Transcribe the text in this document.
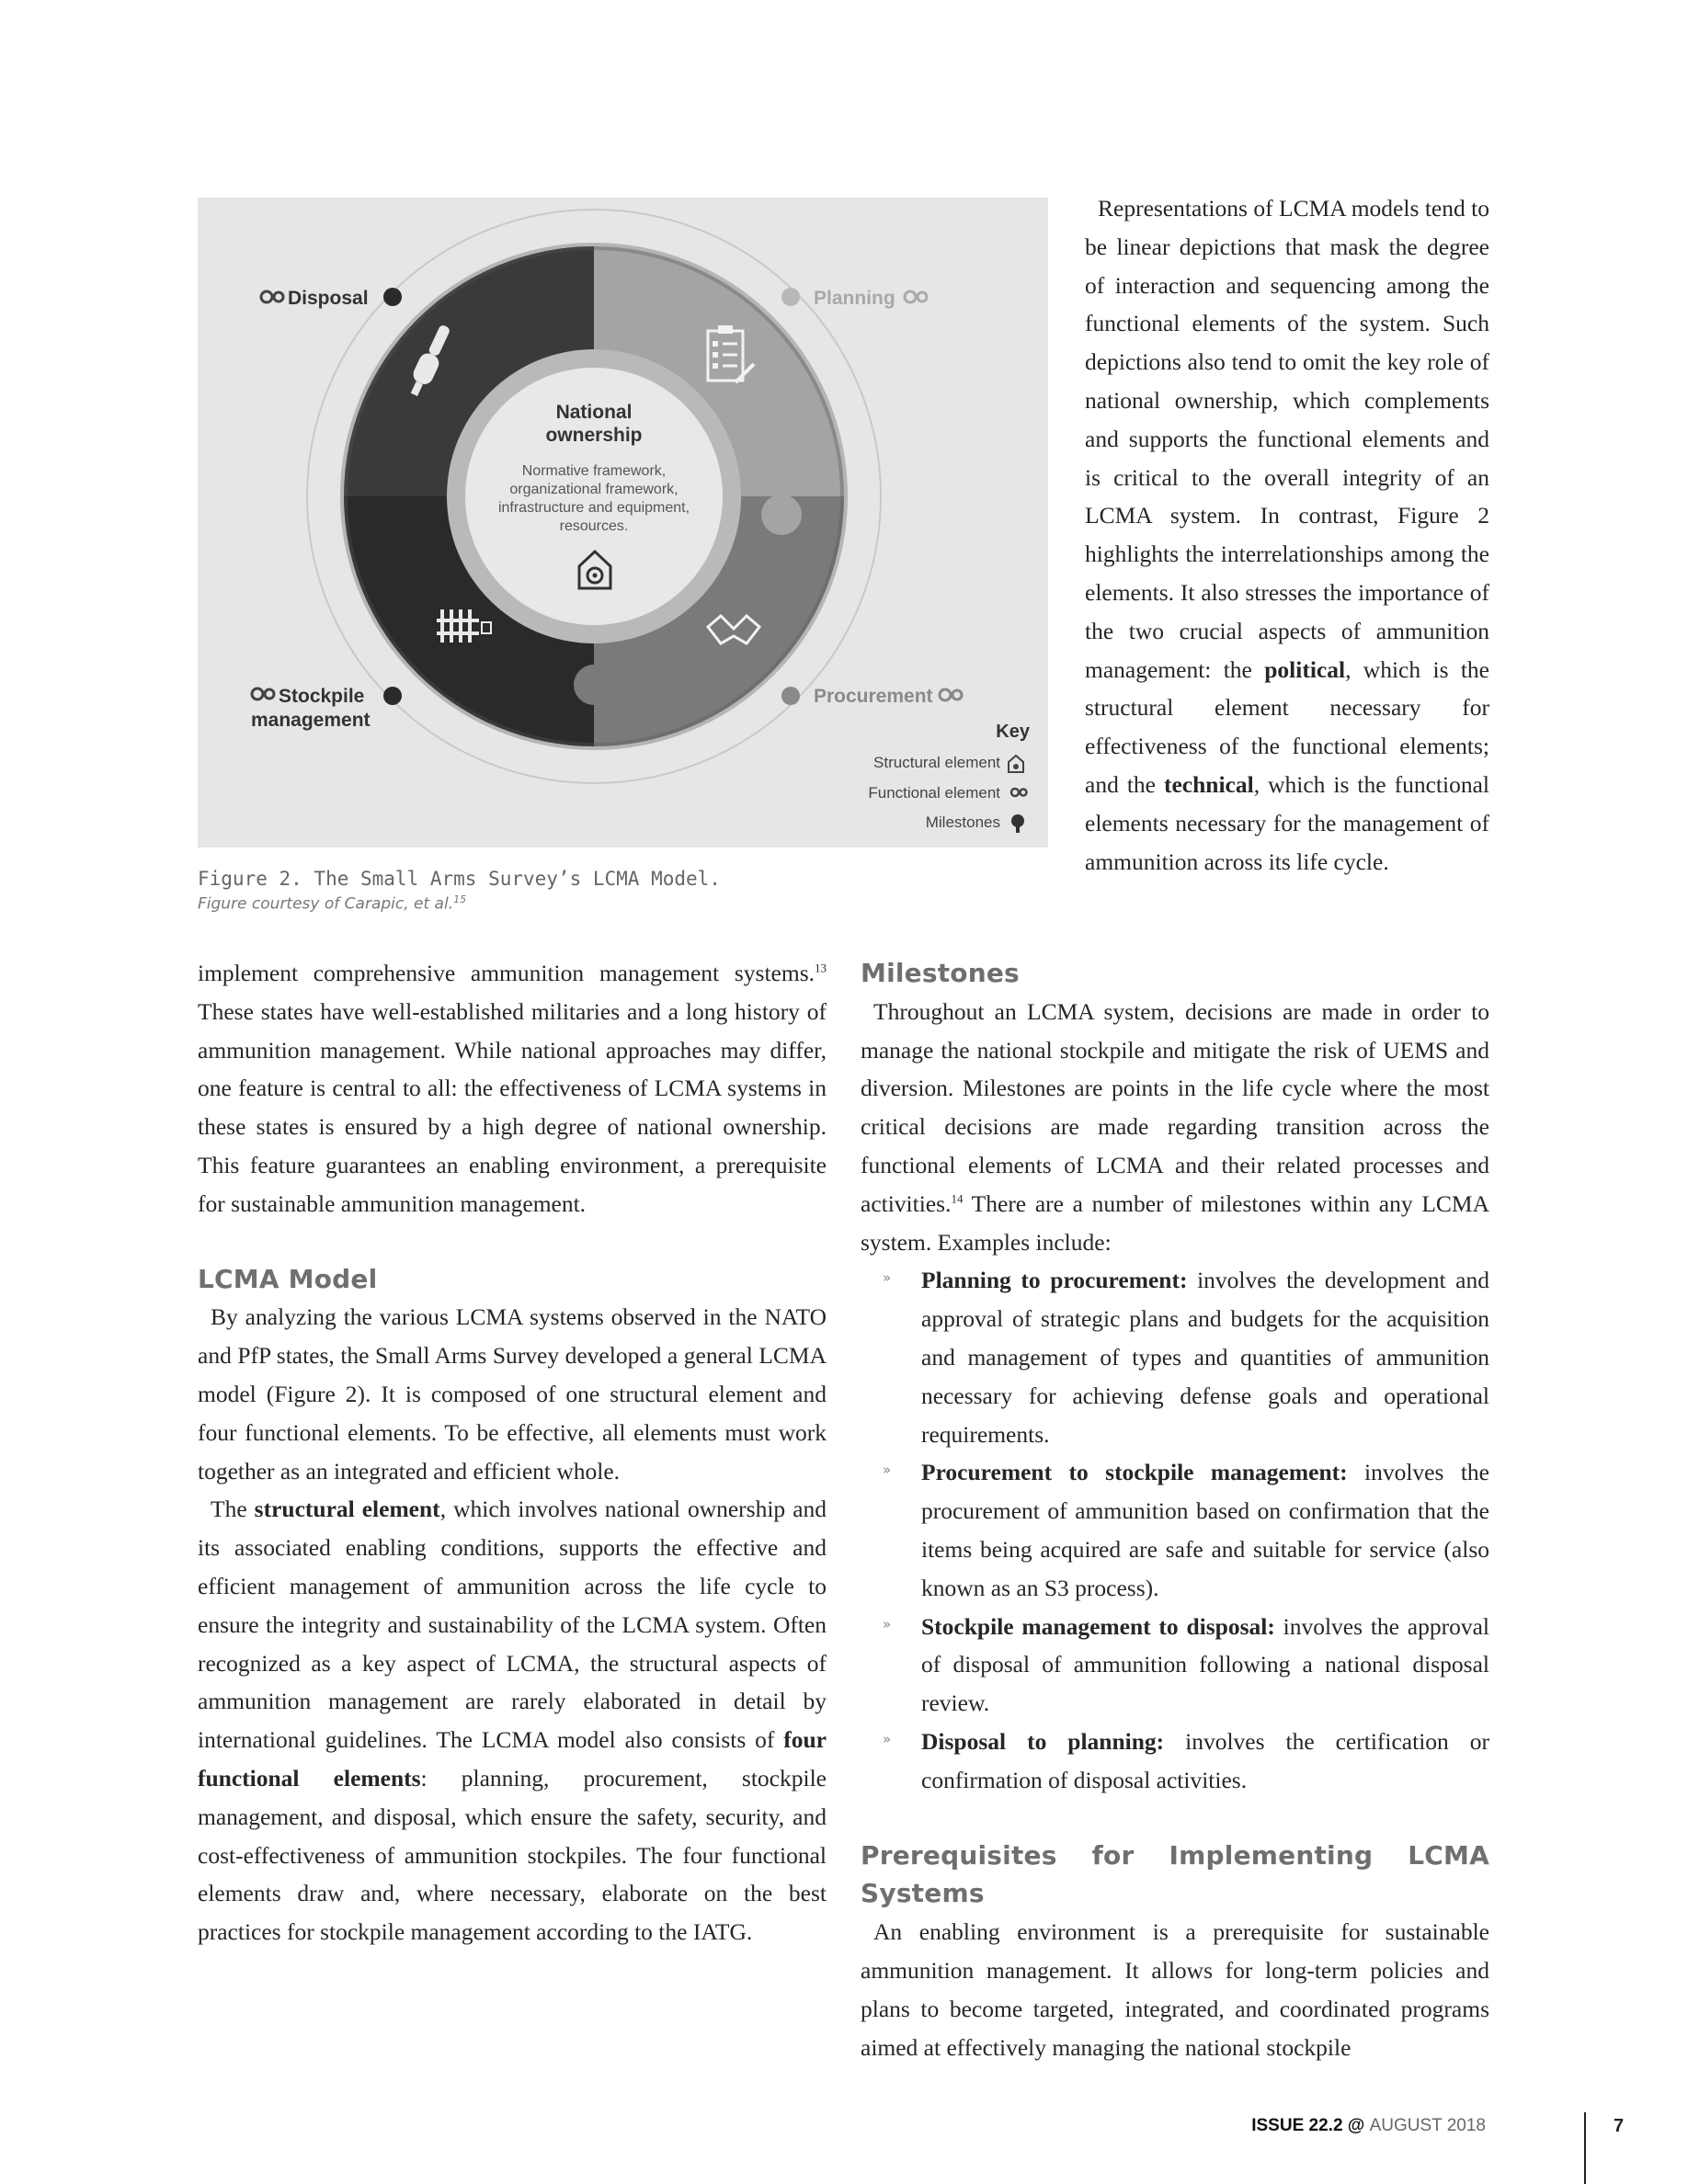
National
ownership
Normative framework,
organizational framework,
infrastructure and equipment,
resources.
Disposal	Planning
Stockpile
management
Procurement
Key
Structural element
Functional element
Milestones
Figure 2. The Small Arms Survey’s LCMA Model.
Figure courtesy of Carapic, et al.$^{15}$

Representations of LCMA models tend to be linear depictions that mask the degree of interaction and sequencing among the functional elements of the system. Such depictions also tend to omit the key role of national ownership, which complements and supports the functional elements and is critical to the overall integrity of an LCMA system. In contrast, Figure 2 highlights the interrelationships among the elements. It also stresses the importance of the two crucial aspects of ammunition management: the political, which is the structural element necessary for effectiveness of the functional elements; and the technical, which is the functional elements necessary for the management of ammunition across its life cycle.

implement comprehensive ammunition management systems.$^{13}$ These states have well-established militaries and a long history of ammunition management. While national approaches may differ, one feature is central to all: the effectiveness of LCMA systems in these states is ensured by a high degree of national ownership. This feature guarantees an enabling environment, a prerequisite for sustainable ammunition management.

LCMA Model

By analyzing the various LCMA systems observed in the NATO and PfP states, the Small Arms Survey developed a general LCMA model (Figure 2). It is composed of one structural element and four functional elements. To be effective, all elements must work together as an integrated and efficient whole.

The structural element, which involves national ownership and its associated enabling conditions, supports the effective and efficient management of ammunition across the life cycle to ensure the integrity and sustainability of the LCMA system. Often recognized as a key aspect of LCMA, the structural aspects of ammunition management are rarely elaborated in detail by international guidelines. The LCMA model also consists of four functional elements: planning, procurement, stockpile management, and disposal, which ensure the safety, security, and cost-effectiveness of ammunition stockpiles. The four functional elements draw and, where necessary, elaborate on the best practices for stockpile management according to the IATG.

Milestones

Throughout an LCMA system, decisions are made in order to manage the national stockpile and mitigate the risk of UEMS and diversion. Milestones are points in the life cycle where the most critical decisions are made regarding transition across the functional elements of LCMA and their related processes and activities.$^{14}$ There are a number of milestones within any LCMA system. Examples include:

» Planning to procurement: involves the development and approval of strategic plans and budgets for the acquisition and management of types and quantities of ammunition necessary for achieving defense goals and operational requirements.
» Procurement to stockpile management: involves the procurement of ammunition based on confirmation that the items being acquired are safe and suitable for service (also known as an S3 process).
» Stockpile management to disposal: involves the approval of disposal of ammunition following a national disposal review.
» Disposal to planning: involves the certification or confirmation of disposal activities.
Prerequisites for Implementing LCMA Systems

An enabling environment is a prerequisite for sustainable ammunition management. It allows for long-term policies and plans to become targeted, integrated, and coordinated programs aimed at effectively managing the national stockpile

ISSUE 22.2 @ AUGUST 2018	7
